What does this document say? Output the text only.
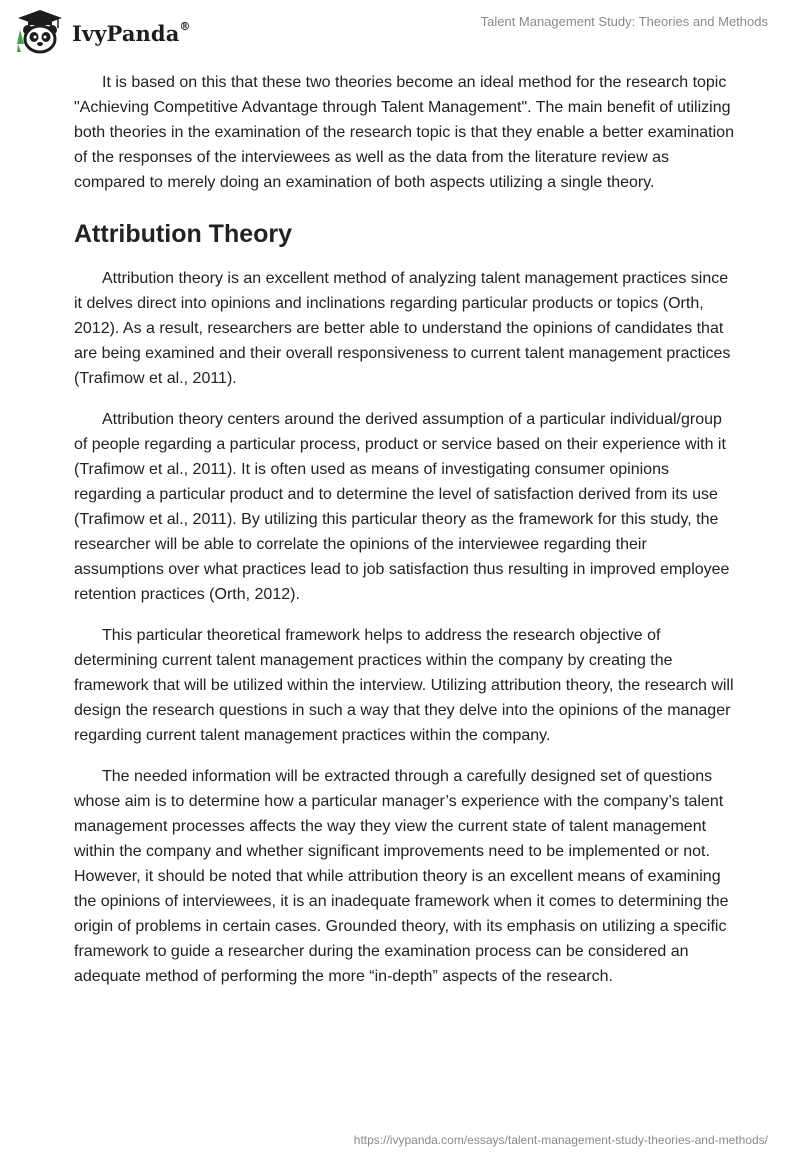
IvyPanda®	Talent Management Study: Theories and Methods

It is based on this that these two theories become an ideal method for the research topic "Achieving Competitive Advantage through Talent Management". The main benefit of utilizing both theories in the examination of the research topic is that they enable a better examination of the responses of the interviewees as well as the data from the literature review as compared to merely doing an examination of both aspects utilizing a single theory.

Attribution Theory

Attribution theory is an excellent method of analyzing talent management practices since it delves direct into opinions and inclinations regarding particular products or topics (Orth, 2012). As a result, researchers are better able to understand the opinions of candidates that are being examined and their overall responsiveness to current talent management practices (Trafimow et al., 2011).

Attribution theory centers around the derived assumption of a particular individual/group of people regarding a particular process, product or service based on their experience with it (Trafimow et al., 2011). It is often used as means of investigating consumer opinions regarding a particular product and to determine the level of satisfaction derived from its use (Trafimow et al., 2011). By utilizing this particular theory as the framework for this study, the researcher will be able to correlate the opinions of the interviewee regarding their assumptions over what practices lead to job satisfaction thus resulting in improved employee retention practices (Orth, 2012).

This particular theoretical framework helps to address the research objective of determining current talent management practices within the company by creating the framework that will be utilized within the interview. Utilizing attribution theory, the research will design the research questions in such a way that they delve into the opinions of the manager regarding current talent management practices within the company.

The needed information will be extracted through a carefully designed set of questions whose aim is to determine how a particular manager’s experience with the company’s talent management processes affects the way they view the current state of talent management within the company and whether significant improvements need to be implemented or not. However, it should be noted that while attribution theory is an excellent means of examining the opinions of interviewees, it is an inadequate framework when it comes to determining the origin of problems in certain cases. Grounded theory, with its emphasis on utilizing a specific framework to guide a researcher during the examination process can be considered an adequate method of performing the more “in-depth” aspects of the research.

https://ivypanda.com/essays/talent-management-study-theories-and-methods/
